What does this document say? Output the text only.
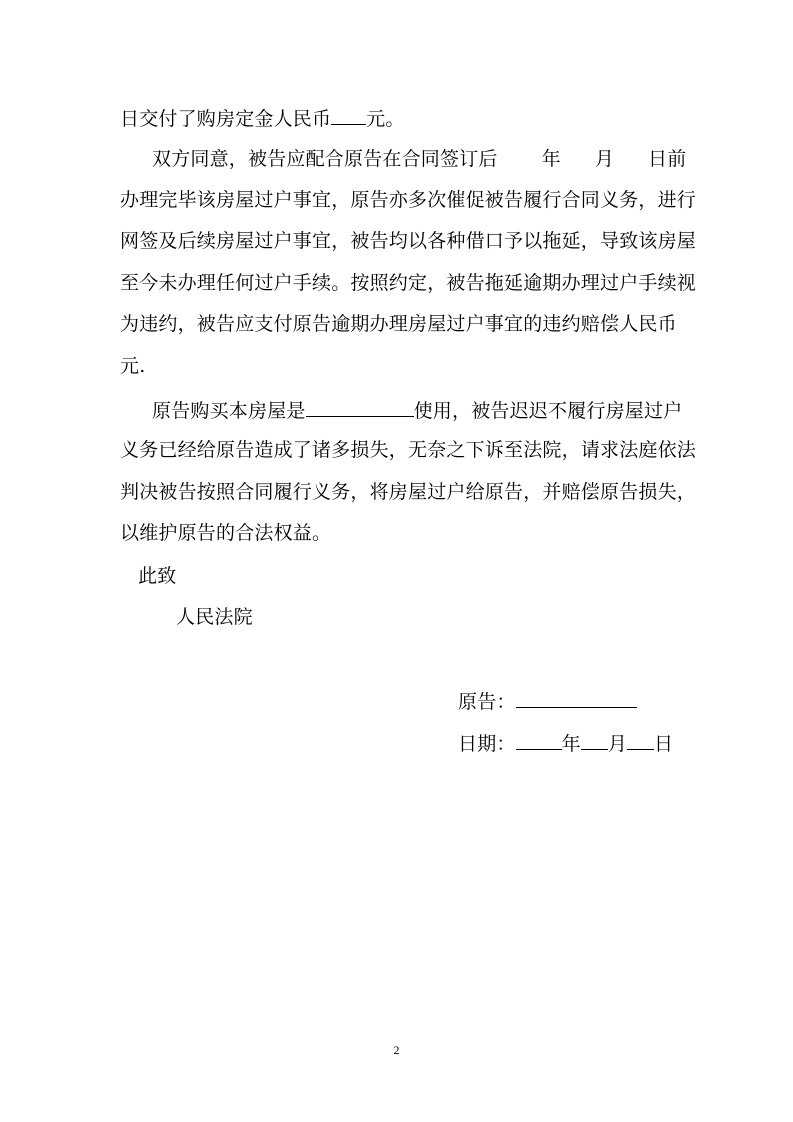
日交付了购房定金人民币 元。
双方同意，被告应配合原告在合同签订后 年 月 日前
办理完毕该房屋过户事宜，原告亦多次催促被告履行合同义务，进行
网签及后续房屋过户事宜，被告均以各种借口予以拖延，导致该房屋
至今未办理任何过户手续。按照约定，被告拖延逾期办理过户手续视
为违约，被告应支付原告逾期办理房屋过户事宜的违约赔偿人民币
元.
原告购买本房屋是	使用，被告迟迟不履行房屋过户
义务已经给原告造成了诸多损失，无奈之下诉至法院，请求法庭依法
判决被告按照合同履行义务，将房屋过户给原告，并赔偿原告损失，
以维护原告的合法权益。
此致
人民法院
原告：
日期： 年 月 日
2
